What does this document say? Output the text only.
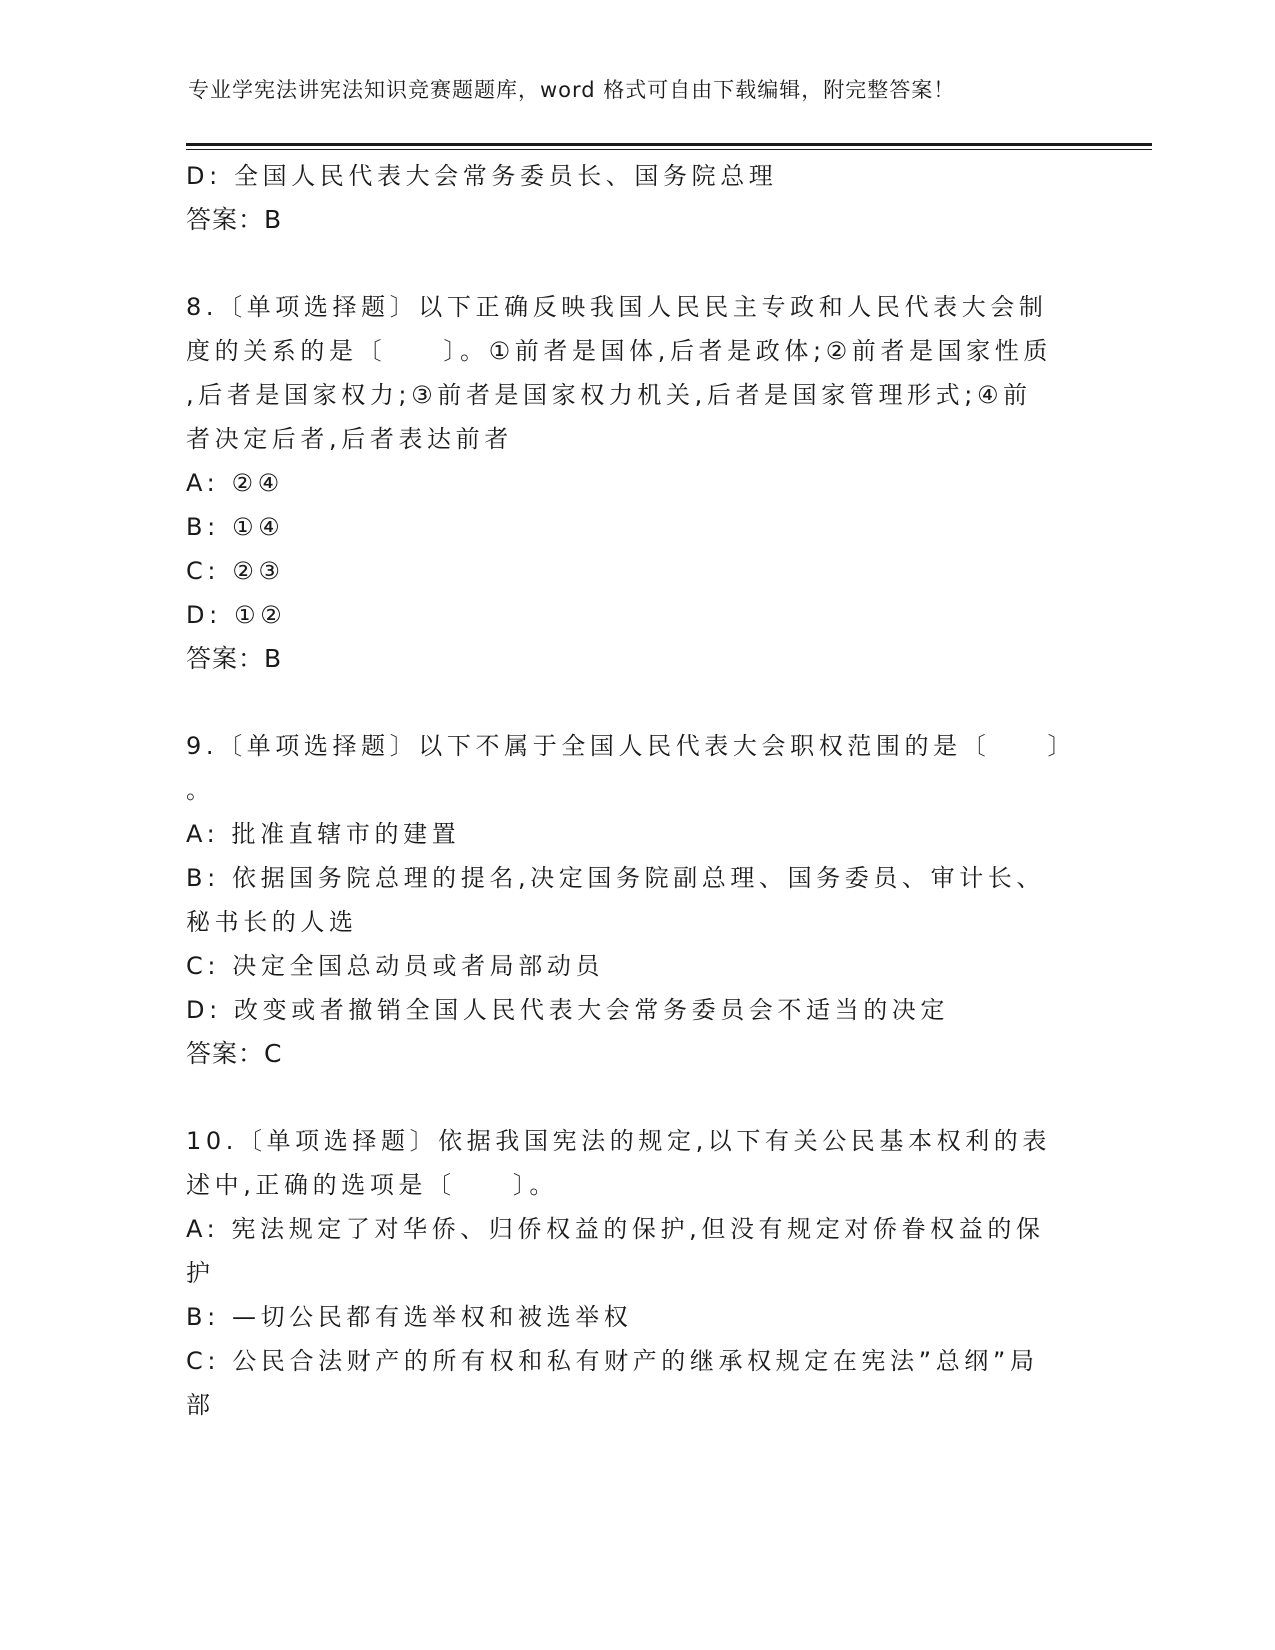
专业学宪法讲宪法知识竞赛题题库，word 格式可自由下载编辑，附完整答案！
D: 全国人民代表大会常务委员长、国务院总理
答案：B
8.〔单项选择题〕以下正确反映我国人民民主专政和人民代表大会制
度的关系的是〔　　〕。①前者是国体,后者是政体;②前者是国家性质
,后者是国家权力;③前者是国家权力机关,后者是国家管理形式;④前
者决定后者,后者表达前者
A: ②④
B: ①④
C: ②③
D: ①②
答案：B
9.〔单项选择题〕以下不属于全国人民代表大会职权范围的是〔　　〕
。
A: 批准直辖市的建置
B: 依据国务院总理的提名,决定国务院副总理、国务委员、审计长、
秘书长的人选
C: 决定全国总动员或者局部动员
D: 改变或者撤销全国人民代表大会常务委员会不适当的决定
答案：C
10.〔单项选择题〕依据我国宪法的规定,以下有关公民基本权利的表
述中,正确的选项是〔　　〕。
A: 宪法规定了对华侨、归侨权益的保护,但没有规定对侨眷权益的保
护
B: —切公民都有选举权和被选举权
C: 公民合法财产的所有权和私有财产的继承权规定在宪法”总纲”局
部
